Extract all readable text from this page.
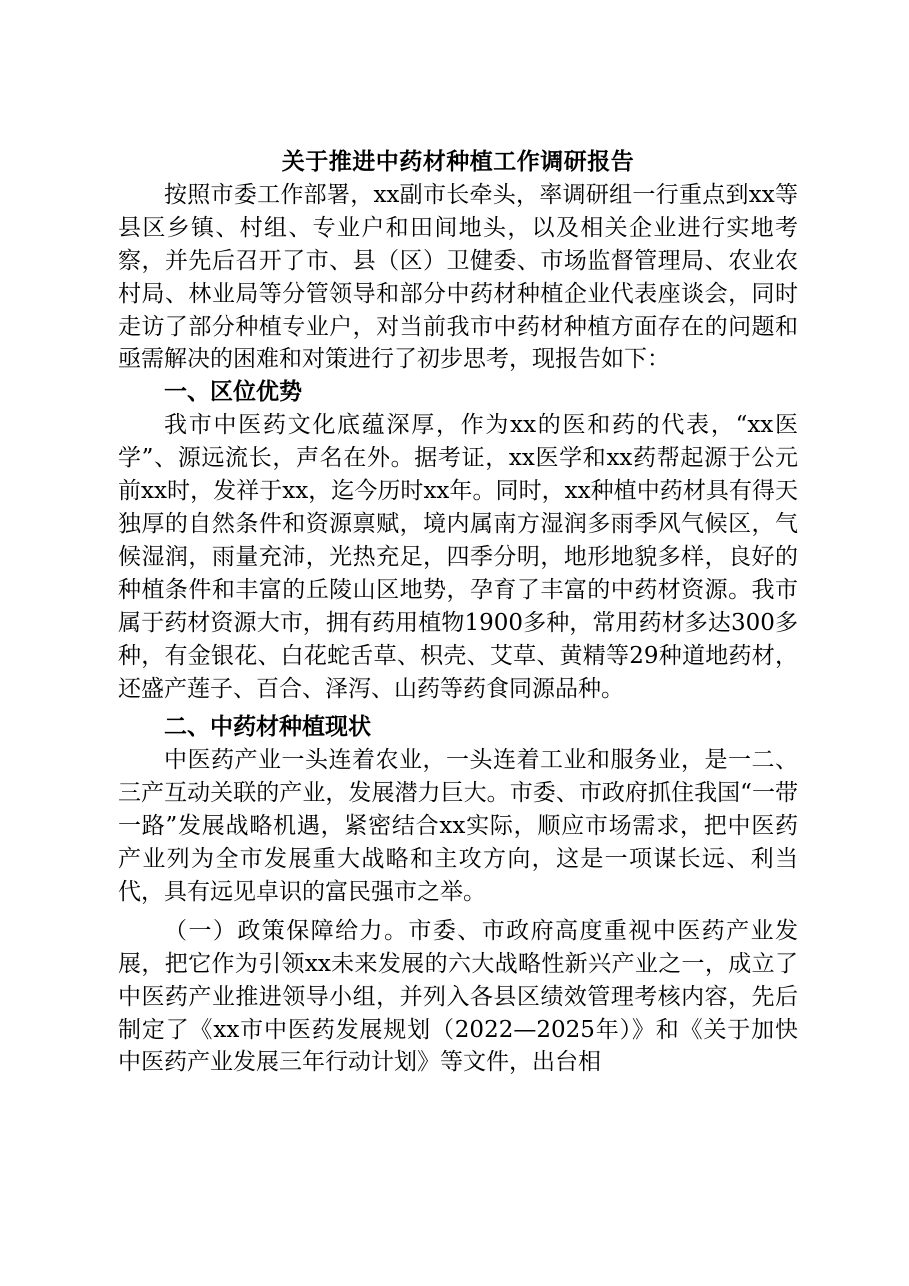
关于推进中药材种植工作调研报告

按照市委工作部署，xx副市长牵头，率调研组一行重点到xx等县区乡镇、村组、专业户和田间地头，以及相关企业进行实地考察，并先后召开了市、县（区）卫健委、市场监督管理局、农业农村局、林业局等分管领导和部分中药材种植企业代表座谈会，同时走访了部分种植专业户，对当前我市中药材种植方面存在的问题和亟需解决的困难和对策进行了初步思考，现报告如下：

一、区位优势

我市中医药文化底蕴深厚，作为xx的医和药的代表，“xx医学”、源远流长，声名在外。据考证，xx医学和xx药帮起源于公元前xx时，发祥于xx，迄今历时xx年。同时，xx种植中药材具有得天独厚的自然条件和资源禀赋，境内属南方湿润多雨季风气候区，气候湿润，雨量充沛，光热充足，四季分明，地形地貌多样，良好的种植条件和丰富的丘陵山区地势，孕育了丰富的中药材资源。我市属于药材资源大市，拥有药用植物1900多种，常用药材多达300多种，有金银花、白花蛇舌草、枳壳、艾草、黄精等29种道地药材，还盛产莲子、百合、泽泻、山药等药食同源品种。

二、中药材种植现状

中医药产业一头连着农业，一头连着工业和服务业，是一二、三产互动关联的产业，发展潜力巨大。市委、市政府抓住我国“一带一路”发展战略机遇，紧密结合xx实际，顺应市场需求，把中医药产业列为全市发展重大战略和主攻方向，这是一项谋长远、利当代，具有远见卓识的富民强市之举。

（一）政策保障给力。市委、市政府高度重视中医药产业发展，把它作为引领xx未来发展的六大战略性新兴产业之一，成立了中医药产业推进领导小组，并列入各县区绩效管理考核内容，先后制定了《xx市中医药发展规划（2022—2025年）》和《关于加快中医药产业发展三年行动计划》等文件，出台相
